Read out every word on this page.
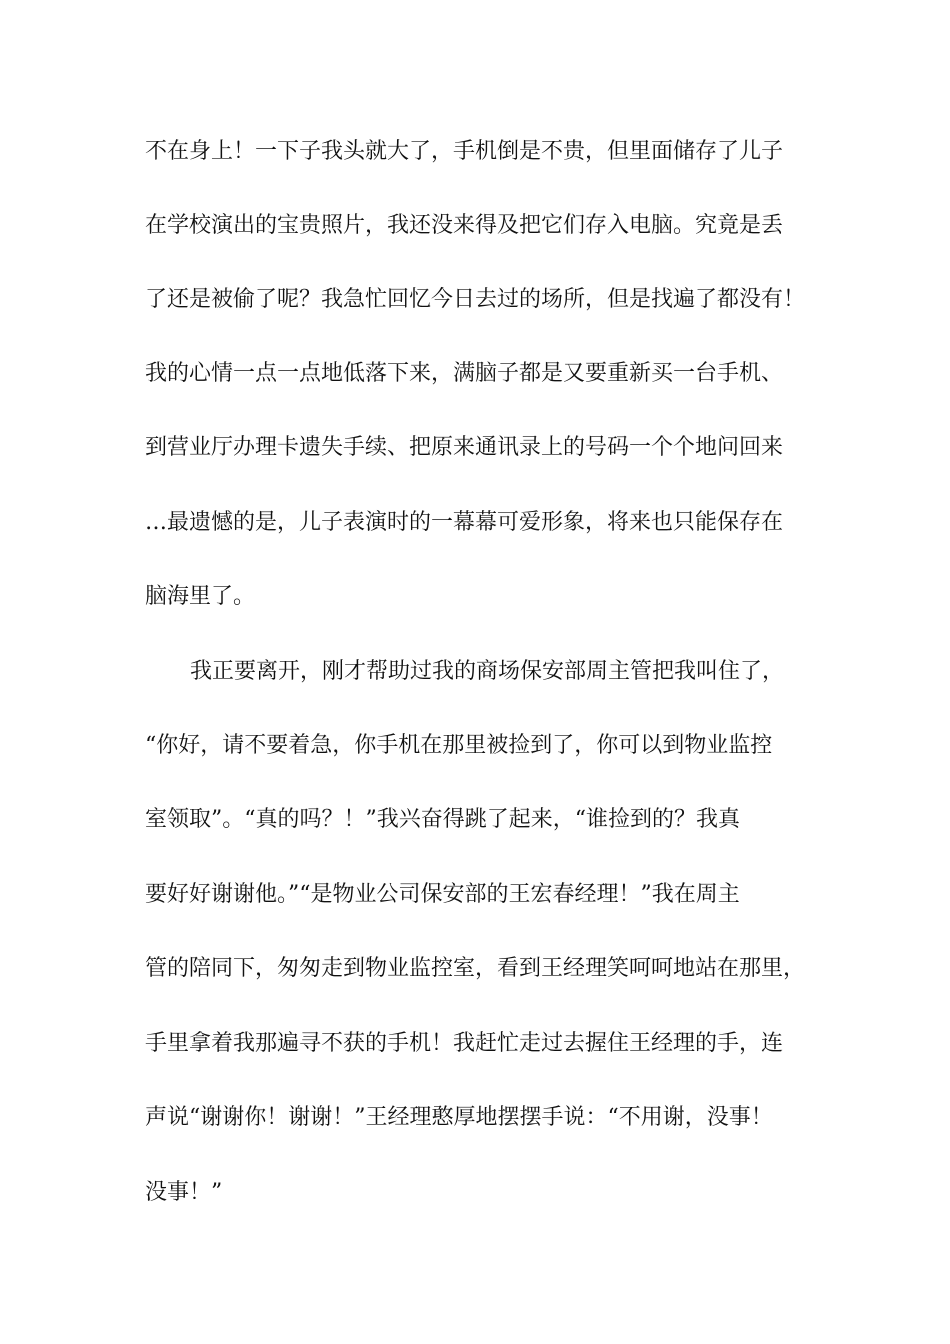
不在身上！一下子我头就大了，手机倒是不贵，但里面储存了儿子
在学校演出的宝贵照片，我还没来得及把它们存入电脑。究竟是丢
了还是被偷了呢？我急忙回忆今日去过的场所，但是找遍了都没有！
我的心情一点一点地低落下来，满脑子都是又要重新买一台手机、
到营业厅办理卡遗失手续、把原来通讯录上的号码一个个地问回来
…最遗憾的是，儿子表演时的一幕幕可爱形象，将来也只能保存在
脑海里了。
我正要离开，刚才帮助过我的商场保安部周主管把我叫住了，
“你好，请不要着急，你手机在那里被捡到了，你可以到物业监控
室领取”。“真的吗？！”我兴奋得跳了起来，“谁捡到的？我真
要好好谢谢他。”“是物业公司保安部的王宏春经理！”我在周主
管的陪同下，匆匆走到物业监控室，看到王经理笑呵呵地站在那里，
手里拿着我那遍寻不获的手机！我赶忙走过去握住王经理的手，连
声说“谢谢你！谢谢！”王经理憨厚地摆摆手说：“不用谢，没事！
没事！”
